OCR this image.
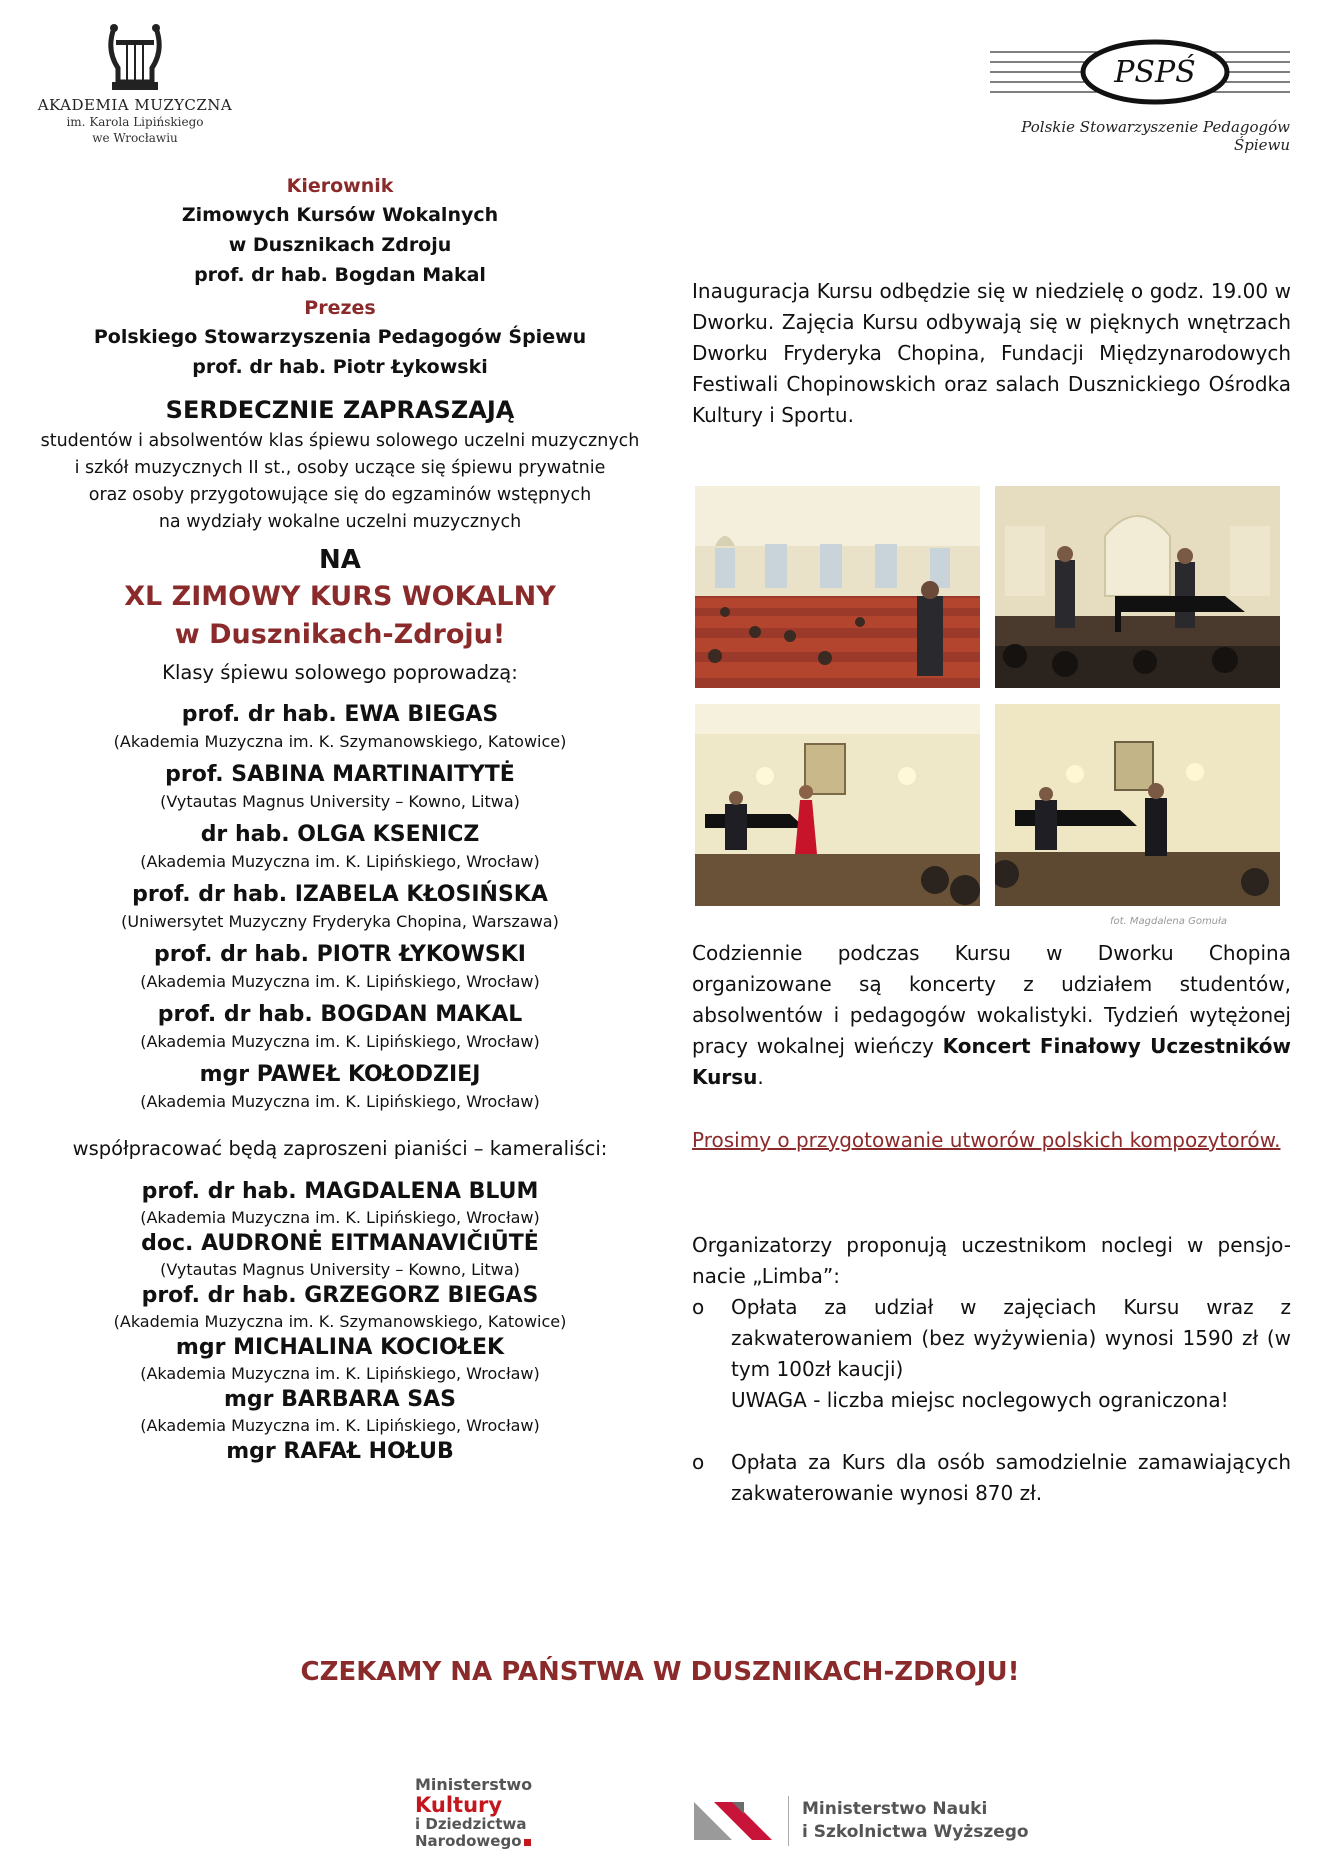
AKADEMIA MUZYCZNA
im. Karola Lipińskiego
we Wrocławiu
PSPŚ
Polskie Stowarzyszenie Pedagogów Śpiewu
Kierownik
Zimowych Kursów Wokalnych
w Dusznikach Zdroju
prof. dr hab. Bogdan Makal
Prezes
Polskiego Stowarzyszenia Pedagogów Śpiewu
prof. dr hab. Piotr Łykowski
SERDECZNIE ZAPRASZAJĄ
studentów i absolwentów klas śpiewu solowego uczelni muzycznych
i szkół muzycznych II st., osoby uczące się śpiewu prywatnie
oraz osoby przygotowujące się do egzaminów wstępnych
na wydziały wokalne uczelni muzycznych
NA
XL ZIMOWY KURS WOKALNY
w Dusznikach-Zdroju!
Klasy śpiewu solowego poprowadzą:
prof. dr hab. EWA BIEGAS
(Akademia Muzyczna im. K. Szymanowskiego, Katowice)
prof. SABINA MARTINAITYTĖ
(Vytautas Magnus University – Kowno, Litwa)
dr hab. OLGA KSENICZ
(Akademia Muzyczna im. K. Lipińskiego, Wrocław)
prof. dr hab. IZABELA KŁOSIŃSKA
(Uniwersytet Muzyczny Fryderyka Chopina, Warszawa)
prof. dr hab. PIOTR ŁYKOWSKI
(Akademia Muzyczna im. K. Lipińskiego, Wrocław)
prof. dr hab. BOGDAN MAKAL
(Akademia Muzyczna im. K. Lipińskiego, Wrocław)
mgr PAWEŁ KOŁODZIEJ
(Akademia Muzyczna im. K. Lipińskiego, Wrocław)
współpracować będą zaproszeni pianiści – kameraliści:
prof. dr hab. MAGDALENA BLUM
(Akademia Muzyczna im. K. Lipińskiego, Wrocław)
doc. AUDRONĖ EITMANAVIČIŪTĖ
(Vytautas Magnus University – Kowno, Litwa)
prof. dr hab. GRZEGORZ BIEGAS
(Akademia Muzyczna im. K. Szymanowskiego, Katowice)
mgr MICHALINA KOCIOŁEK
(Akademia Muzyczna im. K. Lipińskiego, Wrocław)
mgr BARBARA SAS
(Akademia Muzyczna im. K. Lipińskiego, Wrocław)
mgr RAFAŁ HOŁUB
Inauguracja Kursu odbędzie się w niedzielę o godz. 19.00 w Dworku. Zajęcia Kursu odbywają się w pięknych wnętrzach Dworku Fryderyka Chopina, Fundacji Międzynarodowych Festiwali Chopinowskich oraz salach Dusznickiego Ośrodka Kultury i Sportu.
fot. Magdalena Gomuła
Codziennie podczas Kursu w Dworku Chopina organizowane są koncerty z udziałem studentów, absolwentów i pedagogów wokalistyki. Tydzień wytężonej pracy wokalnej wieńczy Koncert Finałowy Uczestników Kursu.
Prosimy o przygotowanie utworów polskich kompozytorów.
Organizatorzy proponują uczestnikom noclegi w pensjo-nacie „Limba”:
o Opłata za udział w zajęciach Kursu wraz z zakwaterowaniem (bez wyżywienia) wynosi 1590 zł (w tym 100zł kaucji)
UWAGA - liczba miejsc noclegowych ograniczona!
o Opłata za Kurs dla osób samodzielnie zamawiających zakwaterowanie wynosi 870 zł.
CZEKAMY NA PAŃSTWA W DUSZNIKACH-ZDROJU!
Ministerstwo
Kultury
i Dziedzictwa
Narodowego
Ministerstwo Nauki
i Szkolnictwa Wyższego
